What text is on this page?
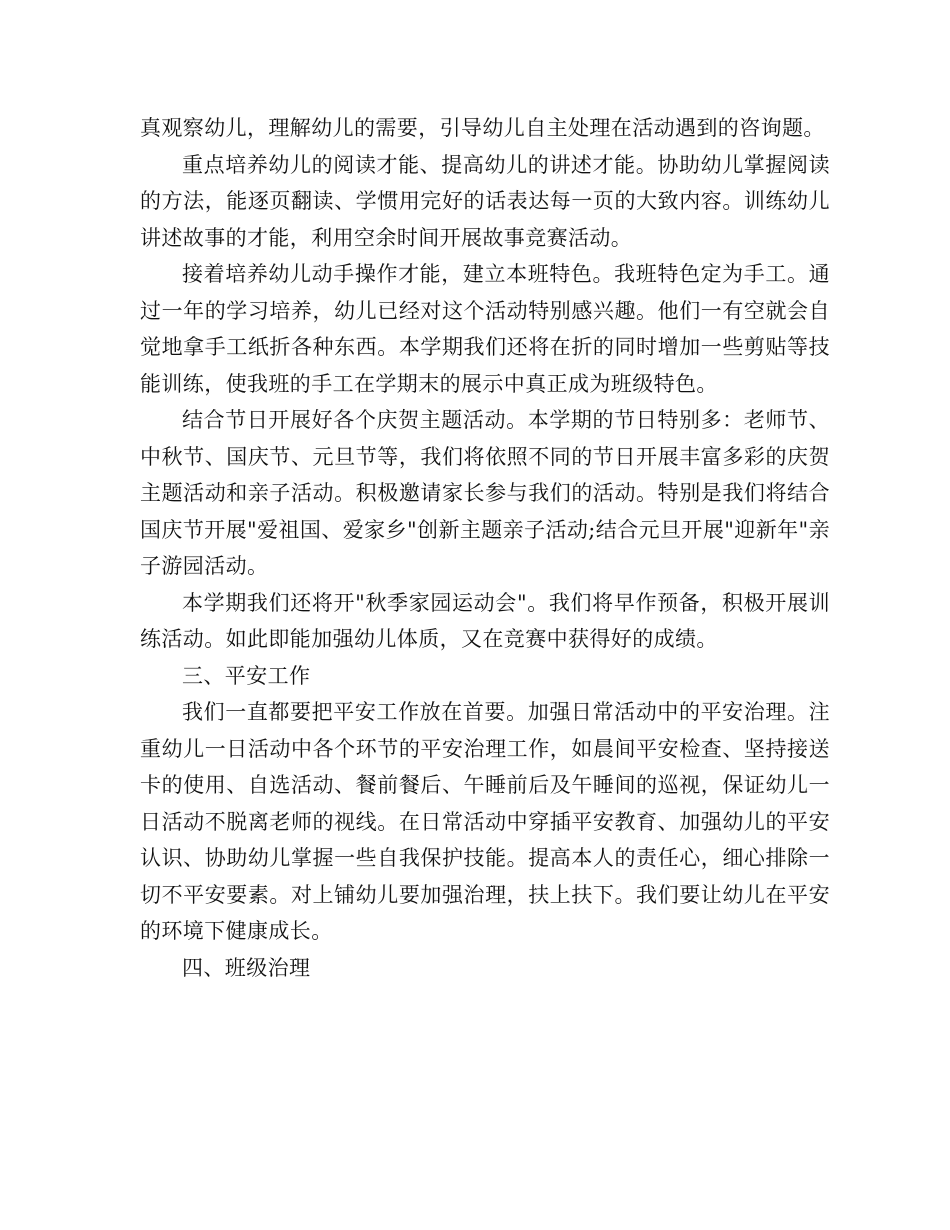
真观察幼儿，理解幼儿的需要，引导幼儿自主处理在活动遇到的咨询题。

重点培养幼儿的阅读才能、提高幼儿的讲述才能。协助幼儿掌握阅读的方法，能逐页翻读、学惯用完好的话表达每一页的大致内容。训练幼儿讲述故事的才能，利用空余时间开展故事竞赛活动。

接着培养幼儿动手操作才能，建立本班特色。我班特色定为手工。通过一年的学习培养，幼儿已经对这个活动特别感兴趣。他们一有空就会自觉地拿手工纸折各种东西。本学期我们还将在折的同时增加一些剪贴等技能训练，使我班的手工在学期末的展示中真正成为班级特色。

结合节日开展好各个庆贺主题活动。本学期的节日特别多：老师节、中秋节、国庆节、元旦节等，我们将依照不同的节日开展丰富多彩的庆贺主题活动和亲子活动。积极邀请家长参与我们的活动。特别是我们将结合国庆节开展"爱祖国、爱家乡"创新主题亲子活动;结合元旦开展"迎新年"亲子游园活动。

本学期我们还将开"秋季家园运动会"。我们将早作预备，积极开展训练活动。如此即能加强幼儿体质，又在竞赛中获得好的成绩。

三、平安工作

我们一直都要把平安工作放在首要。加强日常活动中的平安治理。注重幼儿一日活动中各个环节的平安治理工作，如晨间平安检查、坚持接送卡的使用、自选活动、餐前餐后、午睡前后及午睡间的巡视，保证幼儿一日活动不脱离老师的视线。在日常活动中穿插平安教育、加强幼儿的平安认识、协助幼儿掌握一些自我保护技能。提高本人的责任心，细心排除一切不平安要素。对上铺幼儿要加强治理，扶上扶下。我们要让幼儿在平安的环境下健康成长。

四、班级治理
